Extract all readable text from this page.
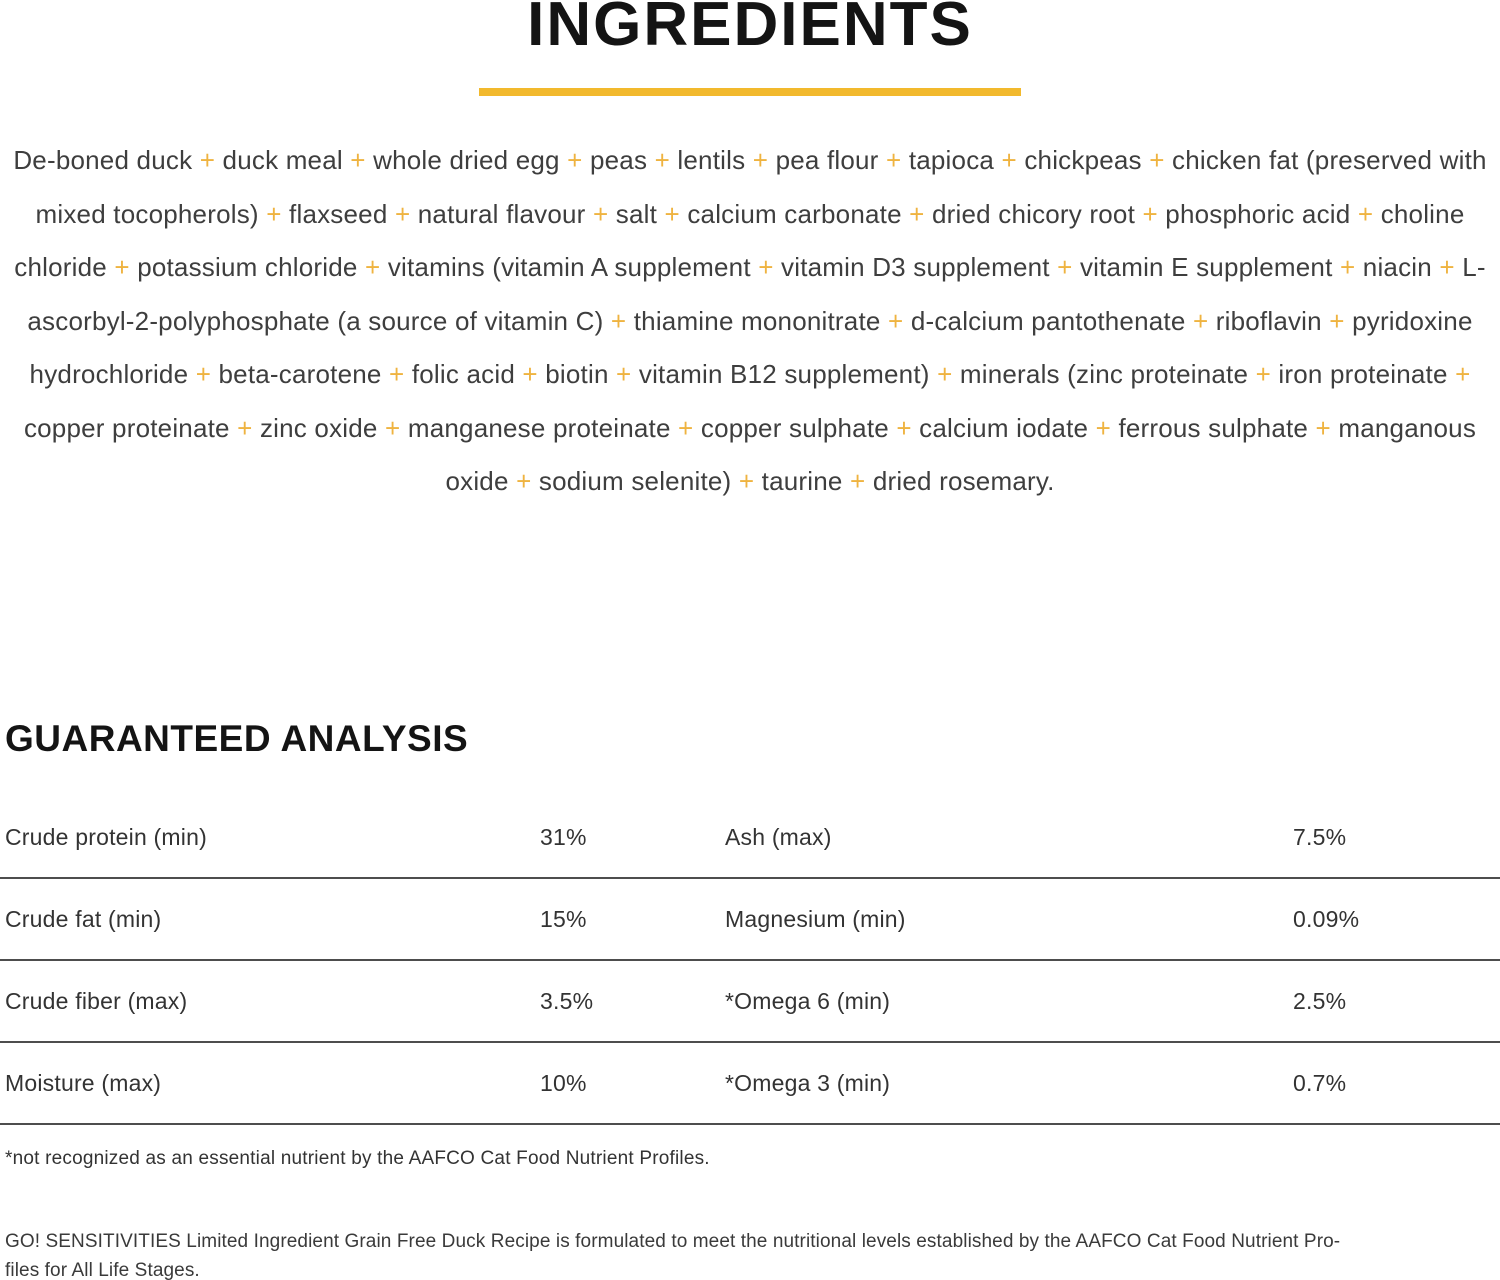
INGREDIENTS

De-boned duck + duck meal + whole dried egg + peas + lentils + pea flour + tapioca + chickpeas + chicken fat (preserved with mixed tocopherols) + flaxseed + natural flavour + salt + calcium carbonate + dried chicory root + phosphoric acid + choline chloride + potassium chloride + vitamins (vitamin A supplement + vitamin D3 supplement + vitamin E supplement + niacin + L-ascorbyl-2-polyphosphate (a source of vitamin C) + thiamine mononitrate + d-calcium pantothenate + riboflavin + pyridoxine hydrochloride + beta-carotene + folic acid + biotin + vitamin B12 supplement) + minerals (zinc proteinate + iron proteinate + copper proteinate + zinc oxide + manganese proteinate + copper sulphate + calcium iodate + ferrous sulphate + manganous oxide + sodium selenite) + taurine + dried rosemary.

GUARANTEED ANALYSIS
Crude protein (min)	31%	Ash (max)	7.5%
Crude fat (min)	15%	Magnesium (min)	0.09%
Crude fiber (max)	3.5%	*Omega 6 (min)	2.5%
Moisture (max)	10%	*Omega 3 (min)	0.7%

*not recognized as an essential nutrient by the AAFCO Cat Food Nutrient Profiles.

GO! SENSITIVITIES Limited Ingredient Grain Free Duck Recipe is formulated to meet the nutritional levels established by the AAFCO Cat Food Nutrient Pro-
files for All Life Stages.
